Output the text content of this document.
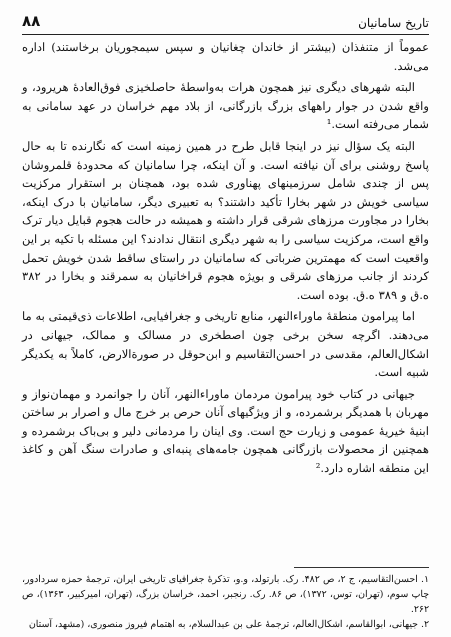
تاریخ سامانیان
۸۸

عموماً از متنفذان (بیشتر از خاندان چغانیان و سپس سیمجوریان برخاستند) اداره می‌شد.

البته شهرهای دیگری نیز همچون هرات به‌واسطهٔ حاصلخیزی فوق‌العادهٔ هریرود، و واقع شدن در جوار راههای بزرگ بازرگانی، از بلاد مهم خراسان در عهد سامانی به شمار می‌رفته است.¹

البته یک سؤال نیز در اینجا قابل طرح در همین زمینه است که نگارنده تا به حال پاسخ روشنی برای آن نیافته است. و آن اینکه، چرا سامانیان که محدودهٔ قلمروشان پس از چندی شامل سرزمینهای پهناوری شده بود، همچنان بر استقرار مرکزیت سیاسی خویش در شهر بخارا تأکید داشتند؟ به تعبیری دیگر، سامانیان با درک اینکه، بخارا در مجاورت مرزهای شرقی قرار داشته و همیشه در حالت هجوم قبایل دیار ترک واقع است، مرکزیت سیاسی را به شهر دیگری انتقال ندادند؟ این مسئله با تکیه بر این واقعیت است که مهمترین ضرباتی که سامانیان در راستای ساقط شدن خویش تحمل کردند از جانب مرزهای شرقی و بویژه هجوم قراخانیان به سمرقند و بخارا در ۳۸۲ ه.ق و ۳۸۹ ه.ق. بوده است.

اما پیرامون منطقهٔ ماوراءالنهر، منابع تاریخی و جغرافیایی، اطلاعات ذی‌قیمتی به ما می‌دهند. اگرچه سخن برخی چون اصطخری در مسالک و ممالک، جیهانی در اشکال‌العالم، مقدسی در احسن‌التقاسیم و ابن‌حوقل در صورة‌الارض، کاملاً به یکدیگر شبیه است.

جیهانی در کتاب خود پیرامون مردمان ماوراءالنهر، آنان را جوانمرد و مهمان‌نواز و مهربان با همدیگر برشمرده، و از ویژگیهای آنان حرص بر خرج مال و اصرار بر ساختن ابنیهٔ خیریهٔ عمومی و زیارت حج است. وی اینان را مردمانی دلیر و بی‌باک برشمرده و همچنین از محصولات بازرگانی همچون جامه‌های پنبه‌ای و صادرات سنگ آهن و کاغذ این منطقه اشاره دارد.²

۱. احسن‌التقاسیم، ج ۲، ص ۴۸۲. رک. بارتولد، و.و، تذکرهٔ جغرافیای تاریخی ایران، ترجمهٔ حمزه سردادور، چاپ سوم، (تهران، توس، ۱۳۷۲)، ص ۸۶. رک. رنجبر، احمد، خراسان بزرگ، (تهران، امیرکبیر، ۱۳۶۳)، ص ۲۶۲.

۲. جیهانی، ابوالقاسم، اشکال‌العالم، ترجمهٔ علی بن عبدالسلام، به اهتمام فیروز منصوری، (مشهد، آستان
